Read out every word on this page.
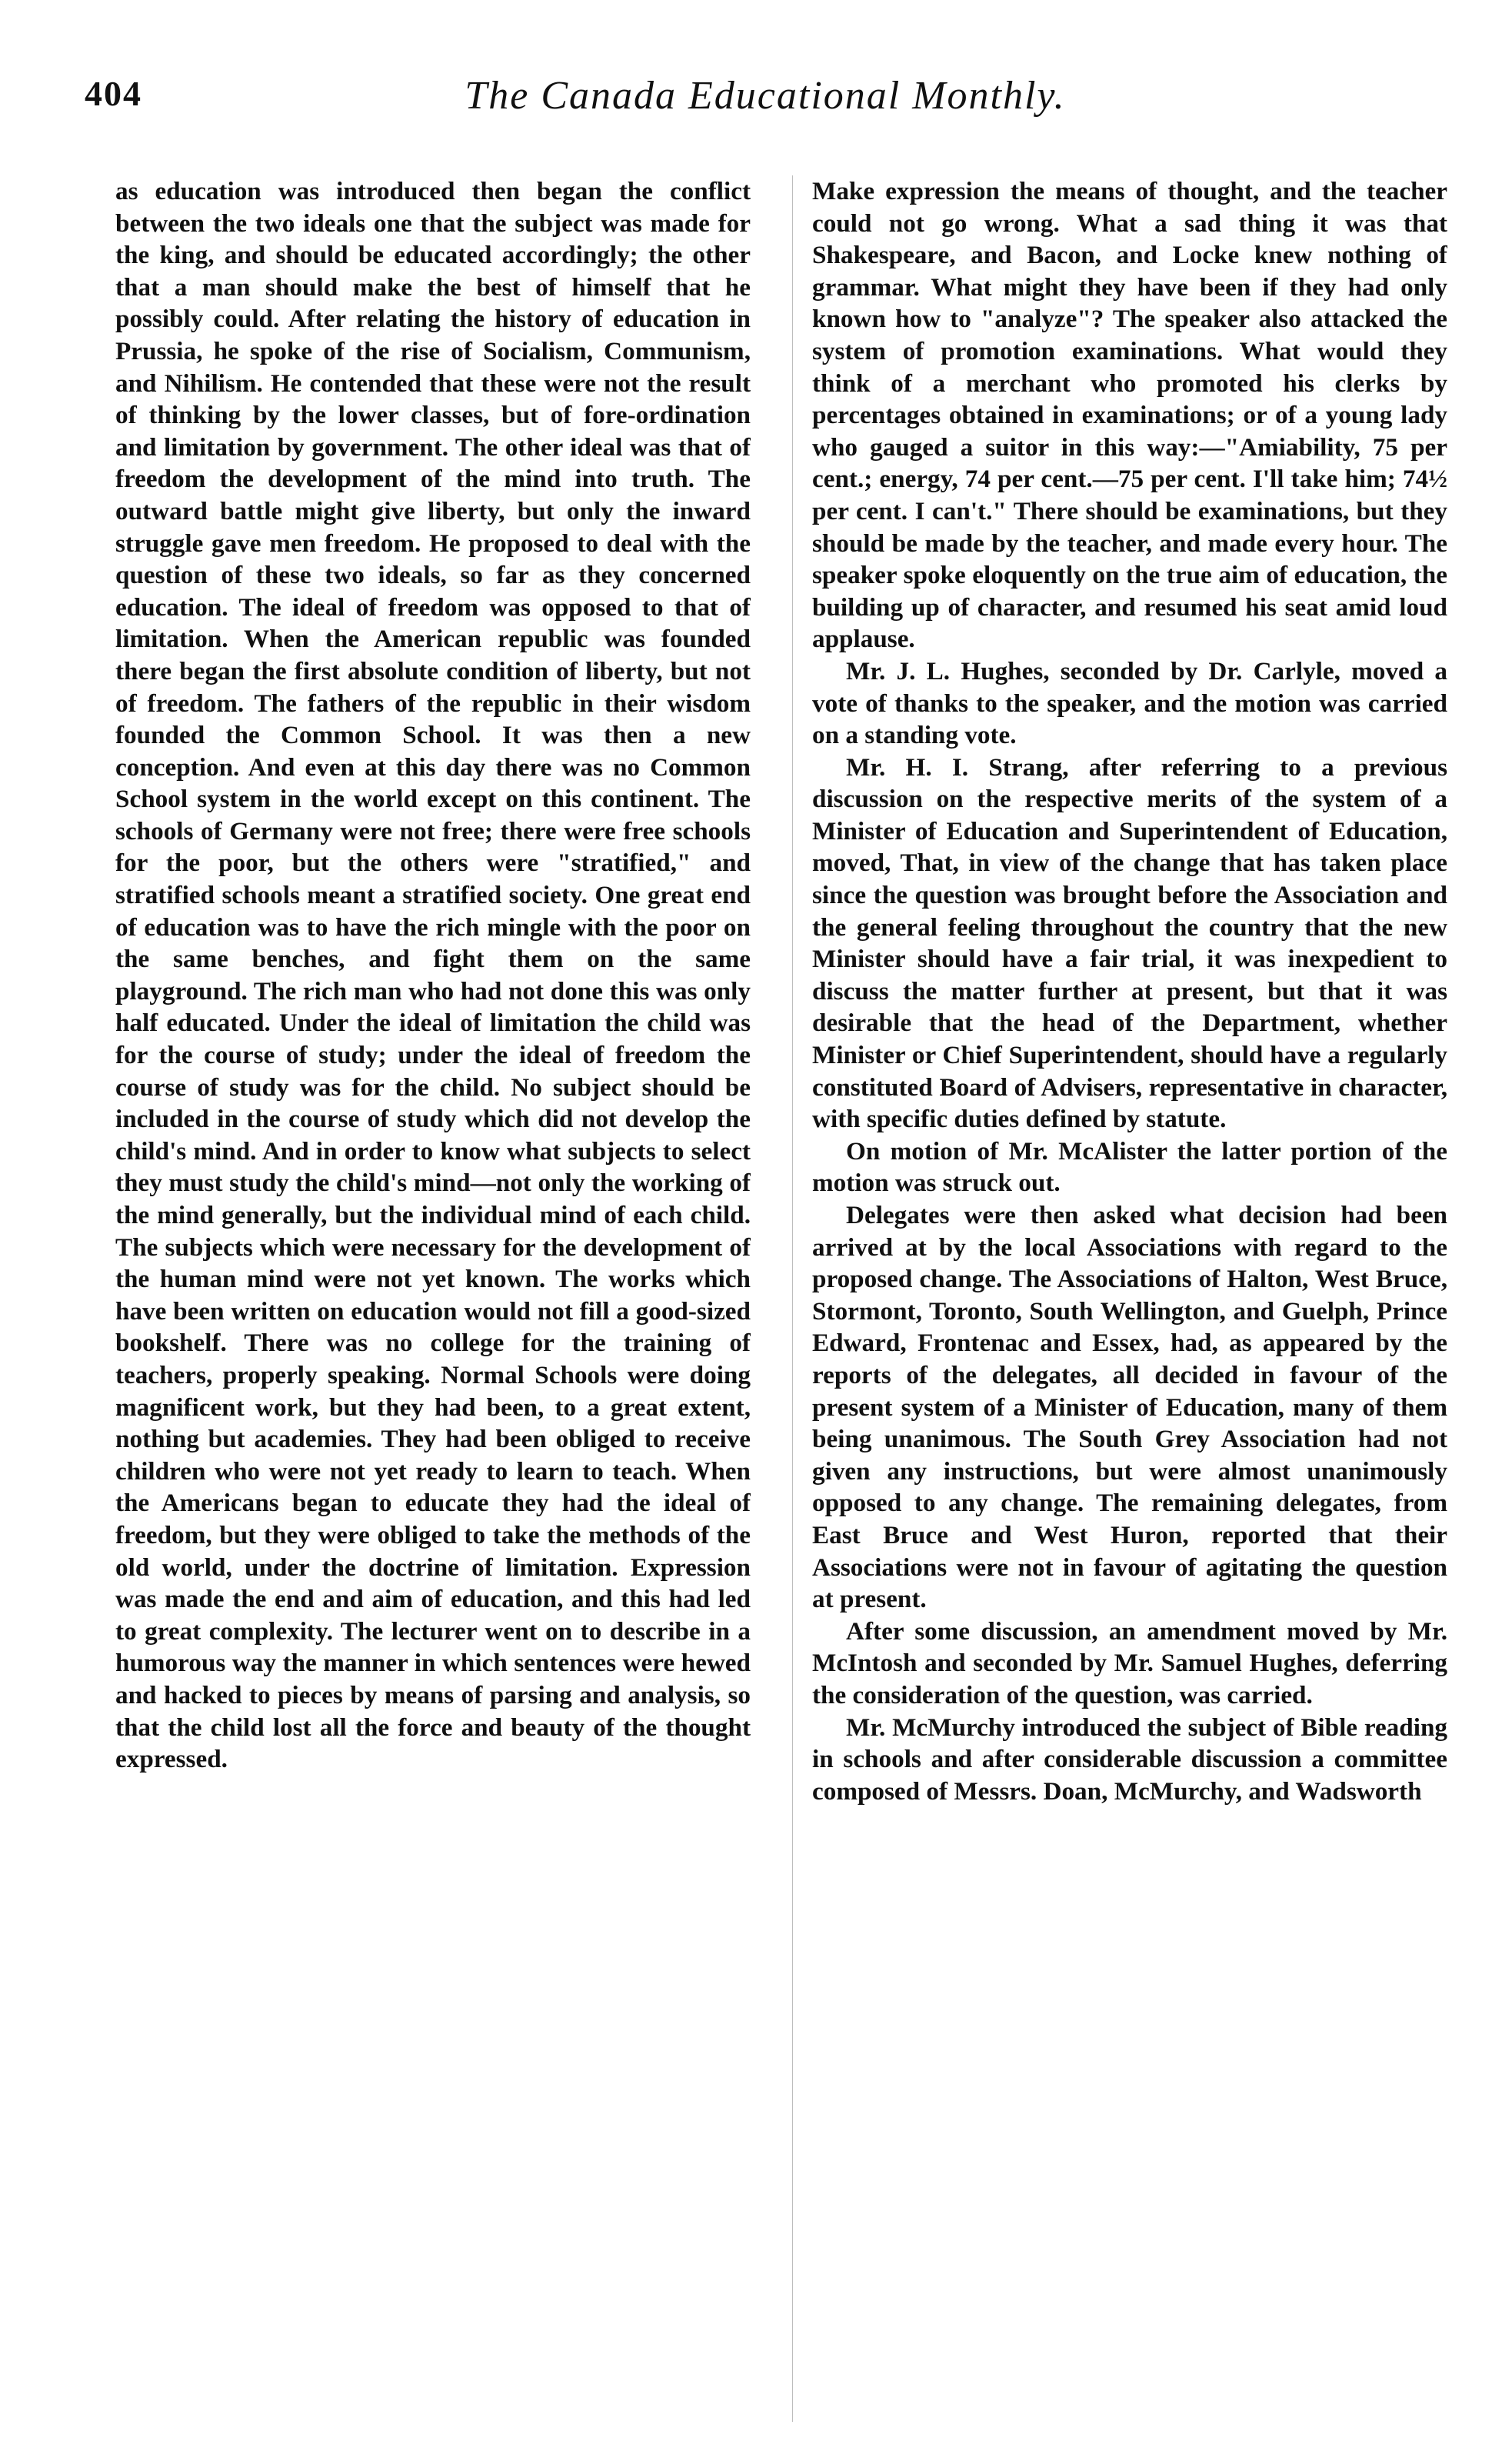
404	The Canada Educational Monthly.

as education was introduced then began the conflict between the two ideals one that the subject was made for the king, and should be educated accordingly; the other that a man should make the best of himself that he possibly could. After relating the history of education in Prussia, he spoke of the rise of Socialism, Communism, and Nihilism. He contended that these were not the result of thinking by the lower classes, but of fore-ordination and limitation by government. The other ideal was that of freedom the development of the mind into truth. The outward battle might give liberty, but only the inward struggle gave men freedom. He proposed to deal with the question of these two ideals, so far as they concerned education. The ideal of freedom was opposed to that of limitation. When the American republic was founded there began the first absolute condition of liberty, but not of freedom. The fathers of the republic in their wisdom founded the Common School. It was then a new conception. And even at this day there was no Common School system in the world except on this continent. The schools of Germany were not free; there were free schools for the poor, but the others were "stratified," and stratified schools meant a stratified society. One great end of education was to have the rich mingle with the poor on the same benches, and fight them on the same playground. The rich man who had not done this was only half educated. Under the ideal of limitation the child was for the course of study; under the ideal of freedom the course of study was for the child. No subject should be included in the course of study which did not develop the child's mind. And in order to know what subjects to select they must study the child's mind—not only the working of the mind generally, but the individual mind of each child. The subjects which were necessary for the development of the human mind were not yet known. The works which have been written on education would not fill a good-sized bookshelf. There was no college for the training of teachers, properly speaking. Normal Schools were doing magnificent work, but they had been, to a great extent, nothing but academies. They had been obliged to receive children who were not yet ready to learn to teach. When the Americans began to educate they had the ideal of freedom, but they were obliged to take the methods of the old world, under the doctrine of limitation. Expression was made the end and aim of education, and this had led to great complexity. The lecturer went on to describe in a humorous way the manner in which sentences were hewed and hacked to pieces by means of parsing and analysis, so that the child lost all the force and beauty of the thought expressed.

Make expression the means of thought, and the teacher could not go wrong. What a sad thing it was that Shakespeare, and Bacon, and Locke knew nothing of grammar. What might they have been if they had only known how to "analyze"? The speaker also attacked the system of promotion examinations. What would they think of a merchant who promoted his clerks by percentages obtained in examinations; or of a young lady who gauged a suitor in this way:—"Amiability, 75 per cent.; energy, 74 per cent.—75 per cent. I'll take him; 74½ per cent. I can't." There should be examinations, but they should be made by the teacher, and made every hour. The speaker spoke eloquently on the true aim of education, the building up of character, and resumed his seat amid loud applause.

Mr. J. L. Hughes, seconded by Dr. Carlyle, moved a vote of thanks to the speaker, and the motion was carried on a standing vote.

Mr. H. I. Strang, after referring to a previous discussion on the respective merits of the system of a Minister of Education and Superintendent of Education, moved, That, in view of the change that has taken place since the question was brought before the Association and the general feeling throughout the country that the new Minister should have a fair trial, it was inexpedient to discuss the matter further at present, but that it was desirable that the head of the Department, whether Minister or Chief Superintendent, should have a regularly constituted Board of Advisers, representative in character, with specific duties defined by statute.

On motion of Mr. McAlister the latter portion of the motion was struck out.

Delegates were then asked what decision had been arrived at by the local Associations with regard to the proposed change. The Associations of Halton, West Bruce, Stormont, Toronto, South Wellington, and Guelph, Prince Edward, Frontenac and Essex, had, as appeared by the reports of the delegates, all decided in favour of the present system of a Minister of Education, many of them being unanimous. The South Grey Association had not given any instructions, but were almost unanimously opposed to any change. The remaining delegates, from East Bruce and West Huron, reported that their Associations were not in favour of agitating the question at present.

After some discussion, an amendment moved by Mr. McIntosh and seconded by Mr. Samuel Hughes, deferring the consideration of the question, was carried.

Mr. McMurchy introduced the subject of Bible reading in schools and after considerable discussion a committee composed of Messrs. Doan, McMurchy, and Wadsworth
